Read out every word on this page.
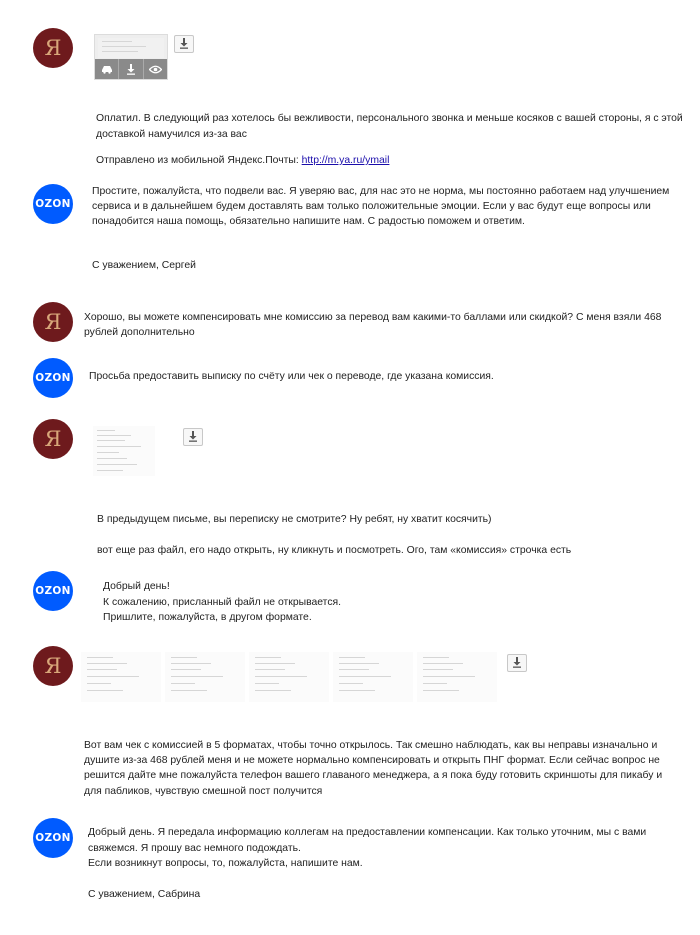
Я
Оплатил. В следующий раз хотелось бы вежливости, персонального звонка и меньше косяков с вашей стороны, я с этой
доставкой намучился из-за вас
Отправлено из мобильной Яндекс.Почты: http://m.ya.ru/ymail
OZON
Простите, пожалуйста, что подвели вас. Я уверяю вас, для нас это не норма, мы постоянно работаем над улучшением
сервиса и в дальнейшем будем доставлять вам только положительные эмоции. Если у вас будут еще вопросы или
понадобится наша помощь, обязательно напишите нам. С радостью поможем и ответим.
С уважением, Сергей
Я	Хорошо, вы можете компенсировать мне комиссию за перевод вам какими-то баллами или скидкой? С меня взяли 468
рублей дополнительно
OZON Просьба предоставить выписку по счёту или чек о переводе, где указана комиссия.
Я
В предыдущем письме, вы переписку не смотрите? Ну ребят, ну хватит косячить)
вот еще раз файл, его надо открыть, ну кликнуть и посмотреть. Ого, там «комиссия» строчка есть
OZON	Добрый день!
К сожалению, присланный файл не открывается.
Пришлите, пожалуйста, в другом формате.
Я
Вот вам чек с комиссией в 5 форматах, чтобы точно открылось. Так смешно наблюдать, как вы неправы изначально и
душите из-за 468 рублей меня и не можете нормально компенсировать и открыть ПНГ формат. Если сейчас вопрос не
решится дайте мне пожалуйста телефон вашего главаного менеджера, а я пока буду готовить скриншоты для пикабу и
для пабликов, чувствую смешной пост получится
OZON Добрый день. Я передала информацию коллегам на предоставлении компенсации. Как только уточним, мы с вами
свяжемся. Я прошу вас немного подождать.
Если возникнут вопросы, то, пожалуйста, напишите нам.
С уважением, Сабрина
